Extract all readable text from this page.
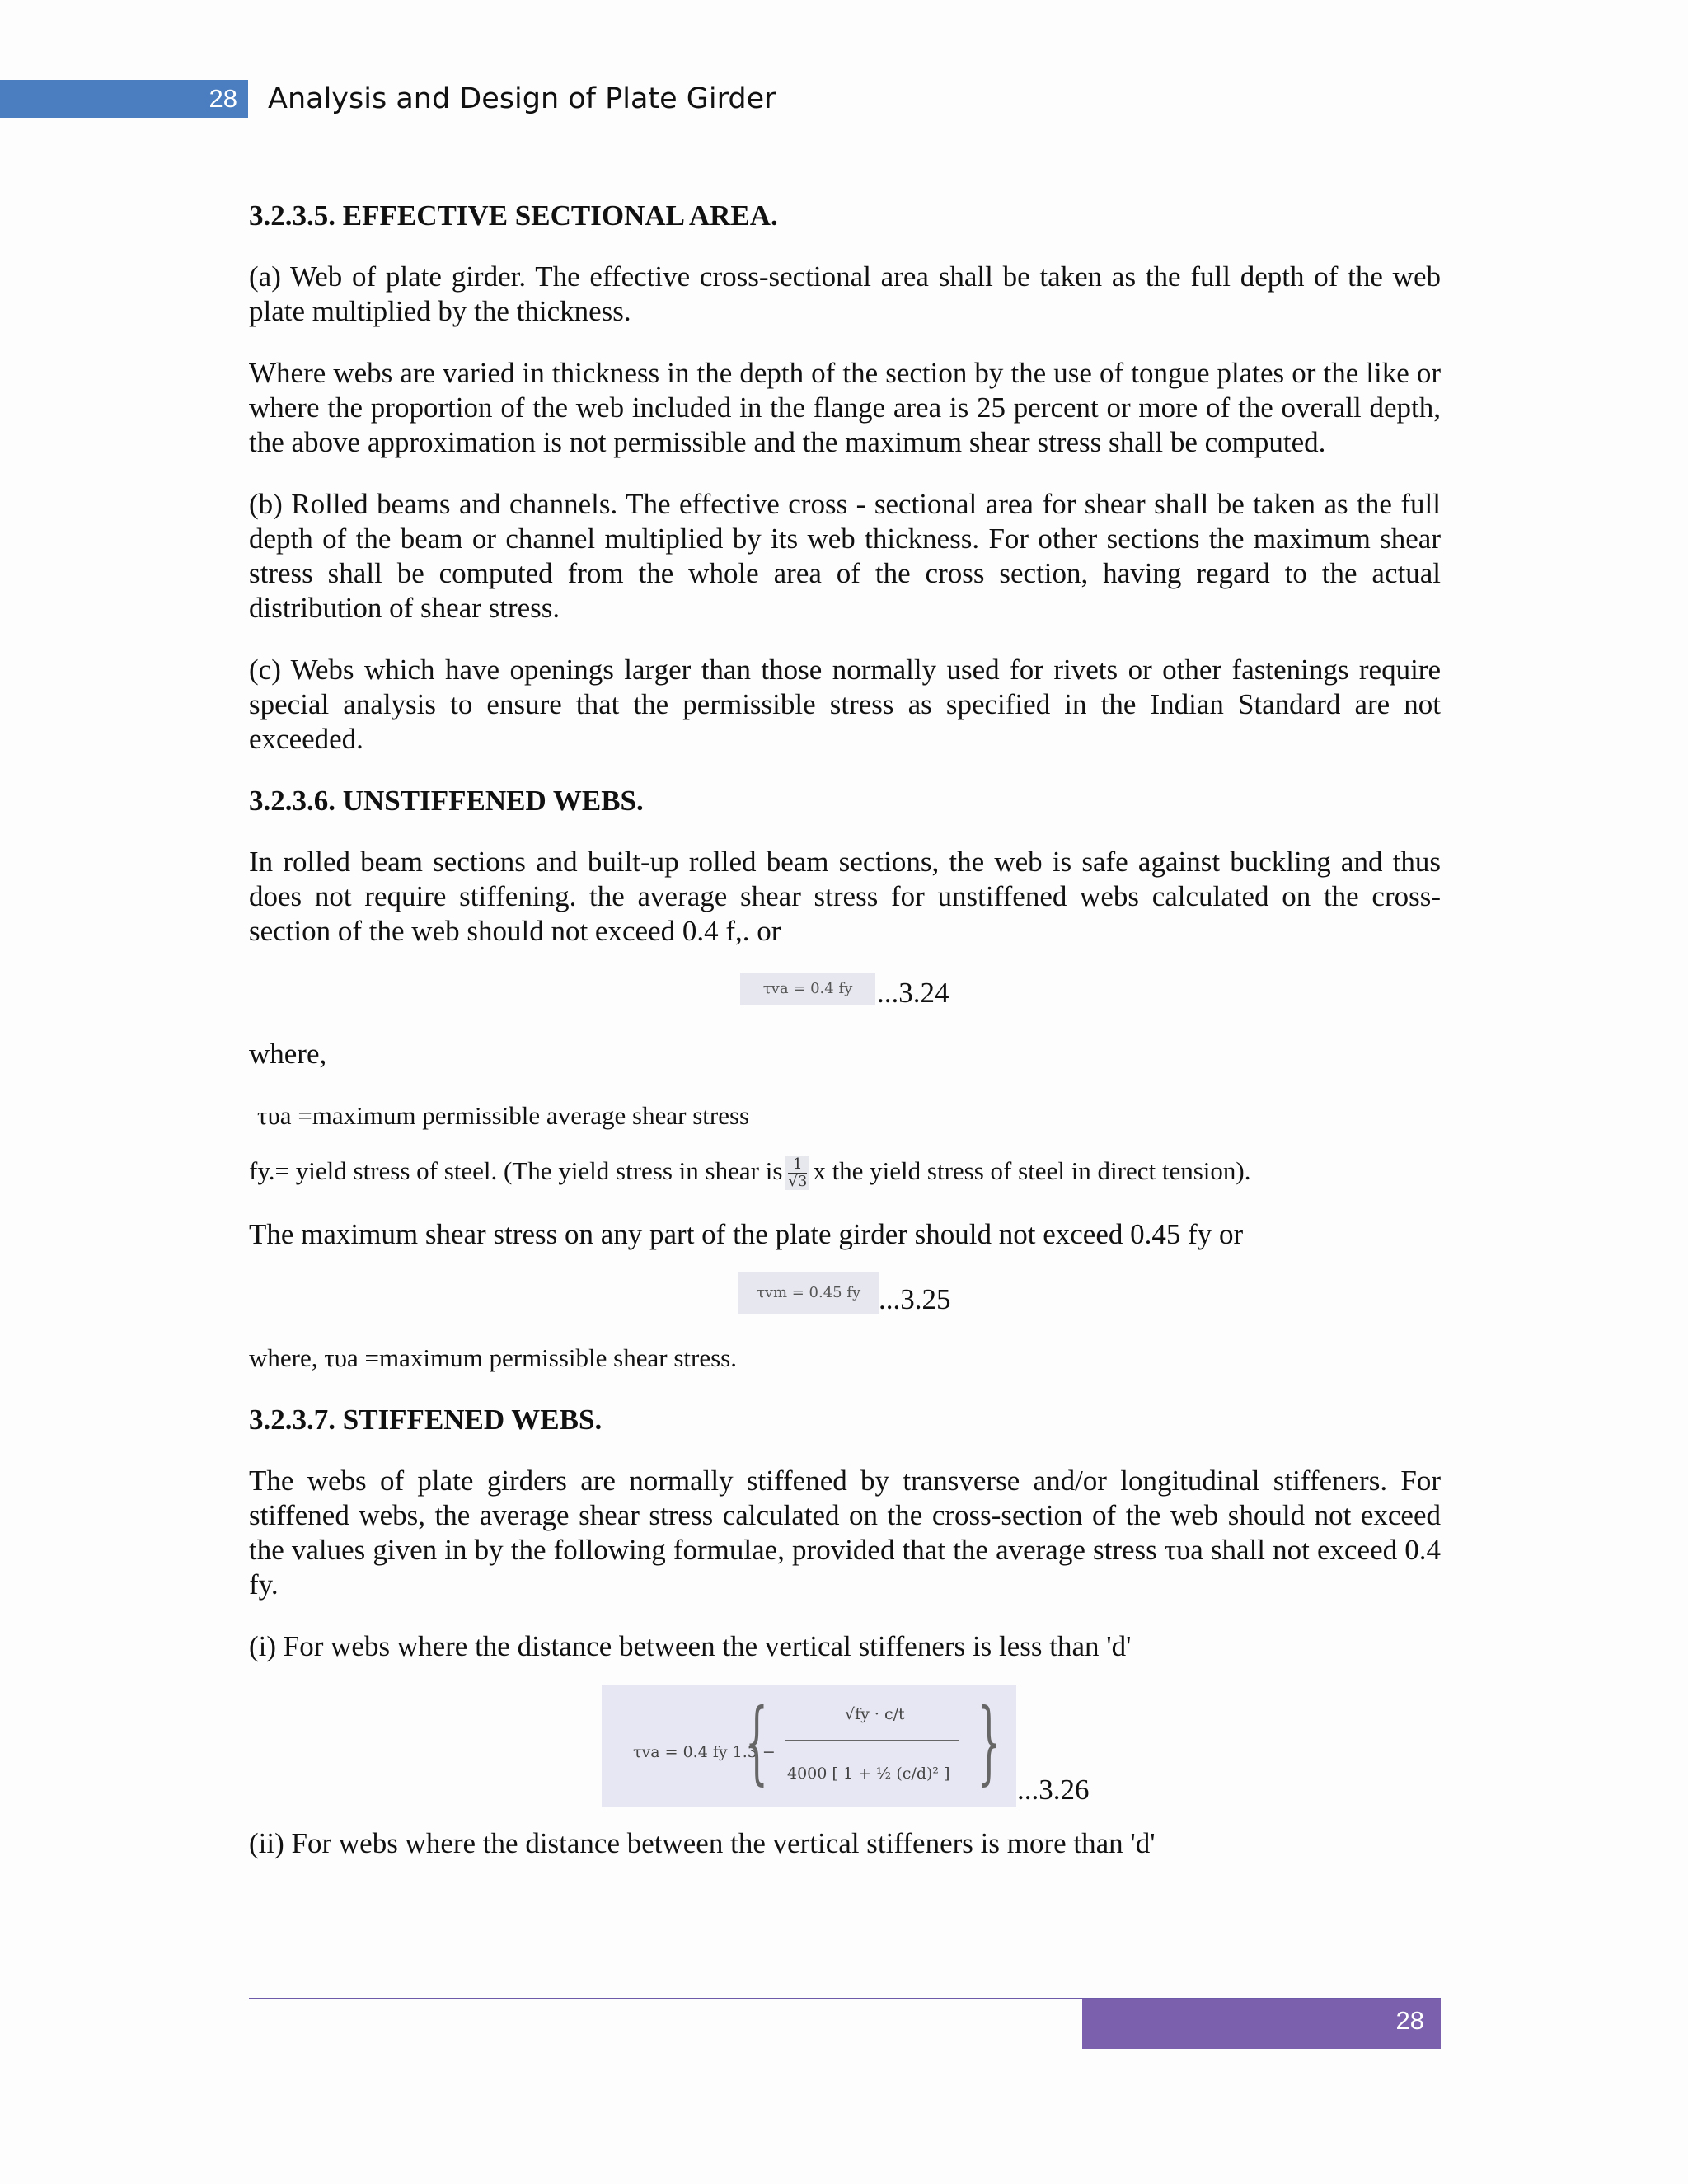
28 Analysis and Design of Plate Girder

3.2.3.5. EFFECTIVE SECTIONAL AREA.

(a) Web of plate girder. The effective cross-sectional area shall be taken as the full depth of the web plate multiplied by the thickness.

Where webs are varied in thickness in the depth of the section by the use of tongue plates or the like or where the proportion of the web included in the flange area is 25 percent or more of the overall depth, the above approximation is not permissible and the maximum shear stress shall be computed.

(b) Rolled beams and channels. The effective cross - sectional area for shear shall be taken as the full depth of the beam or channel multiplied by its web thickness. For other sections the maximum shear stress shall be computed from the whole area of the cross section, having regard to the actual distribution of shear stress.

(c) Webs which have openings larger than those normally used for rivets or other fastenings require special analysis to ensure that the permissible stress as specified in the Indian Standard are not exceeded.

3.2.3.6. UNSTIFFENED WEBS.

In rolled beam sections and built-up rolled beam sections, the web is safe against buckling and thus does not require stiffening. the average shear stress for unstiffened webs calculated on the cross-section of the web should not exceed 0.4 f,. or

τva = 0.4 fy ...3.24

where,

τυa =maximum permissible average shear stress

fy.= yield stress of steel. (The yield stress in shear is $\frac{1}{√3}$ x the yield stress of steel in direct tension).

The maximum shear stress on any part of the plate girder should not exceed 0.45 fy or

τvm = 0.45 fy ...3.25

where, τυa =maximum permissible shear stress.

3.2.3.7. STIFFENED WEBS.

The webs of plate girders are normally stiffened by transverse and/or longitudinal stiffeners. For stiffened webs, the average shear stress calculated on the cross-section of the web should not exceed the values given in by the following formulae, provided that the average stress τυa shall not exceed 0.4 fy.

(i) For webs where the distance between the vertical stiffeners is less than 'd'

τva = 0.4 fy 1.3 −
{	√fy · c/t
4000 [ 1 + ½ (c/d)² ] } ...3.26

(ii) For webs where the distance between the vertical stiffeners is more than 'd'

28
